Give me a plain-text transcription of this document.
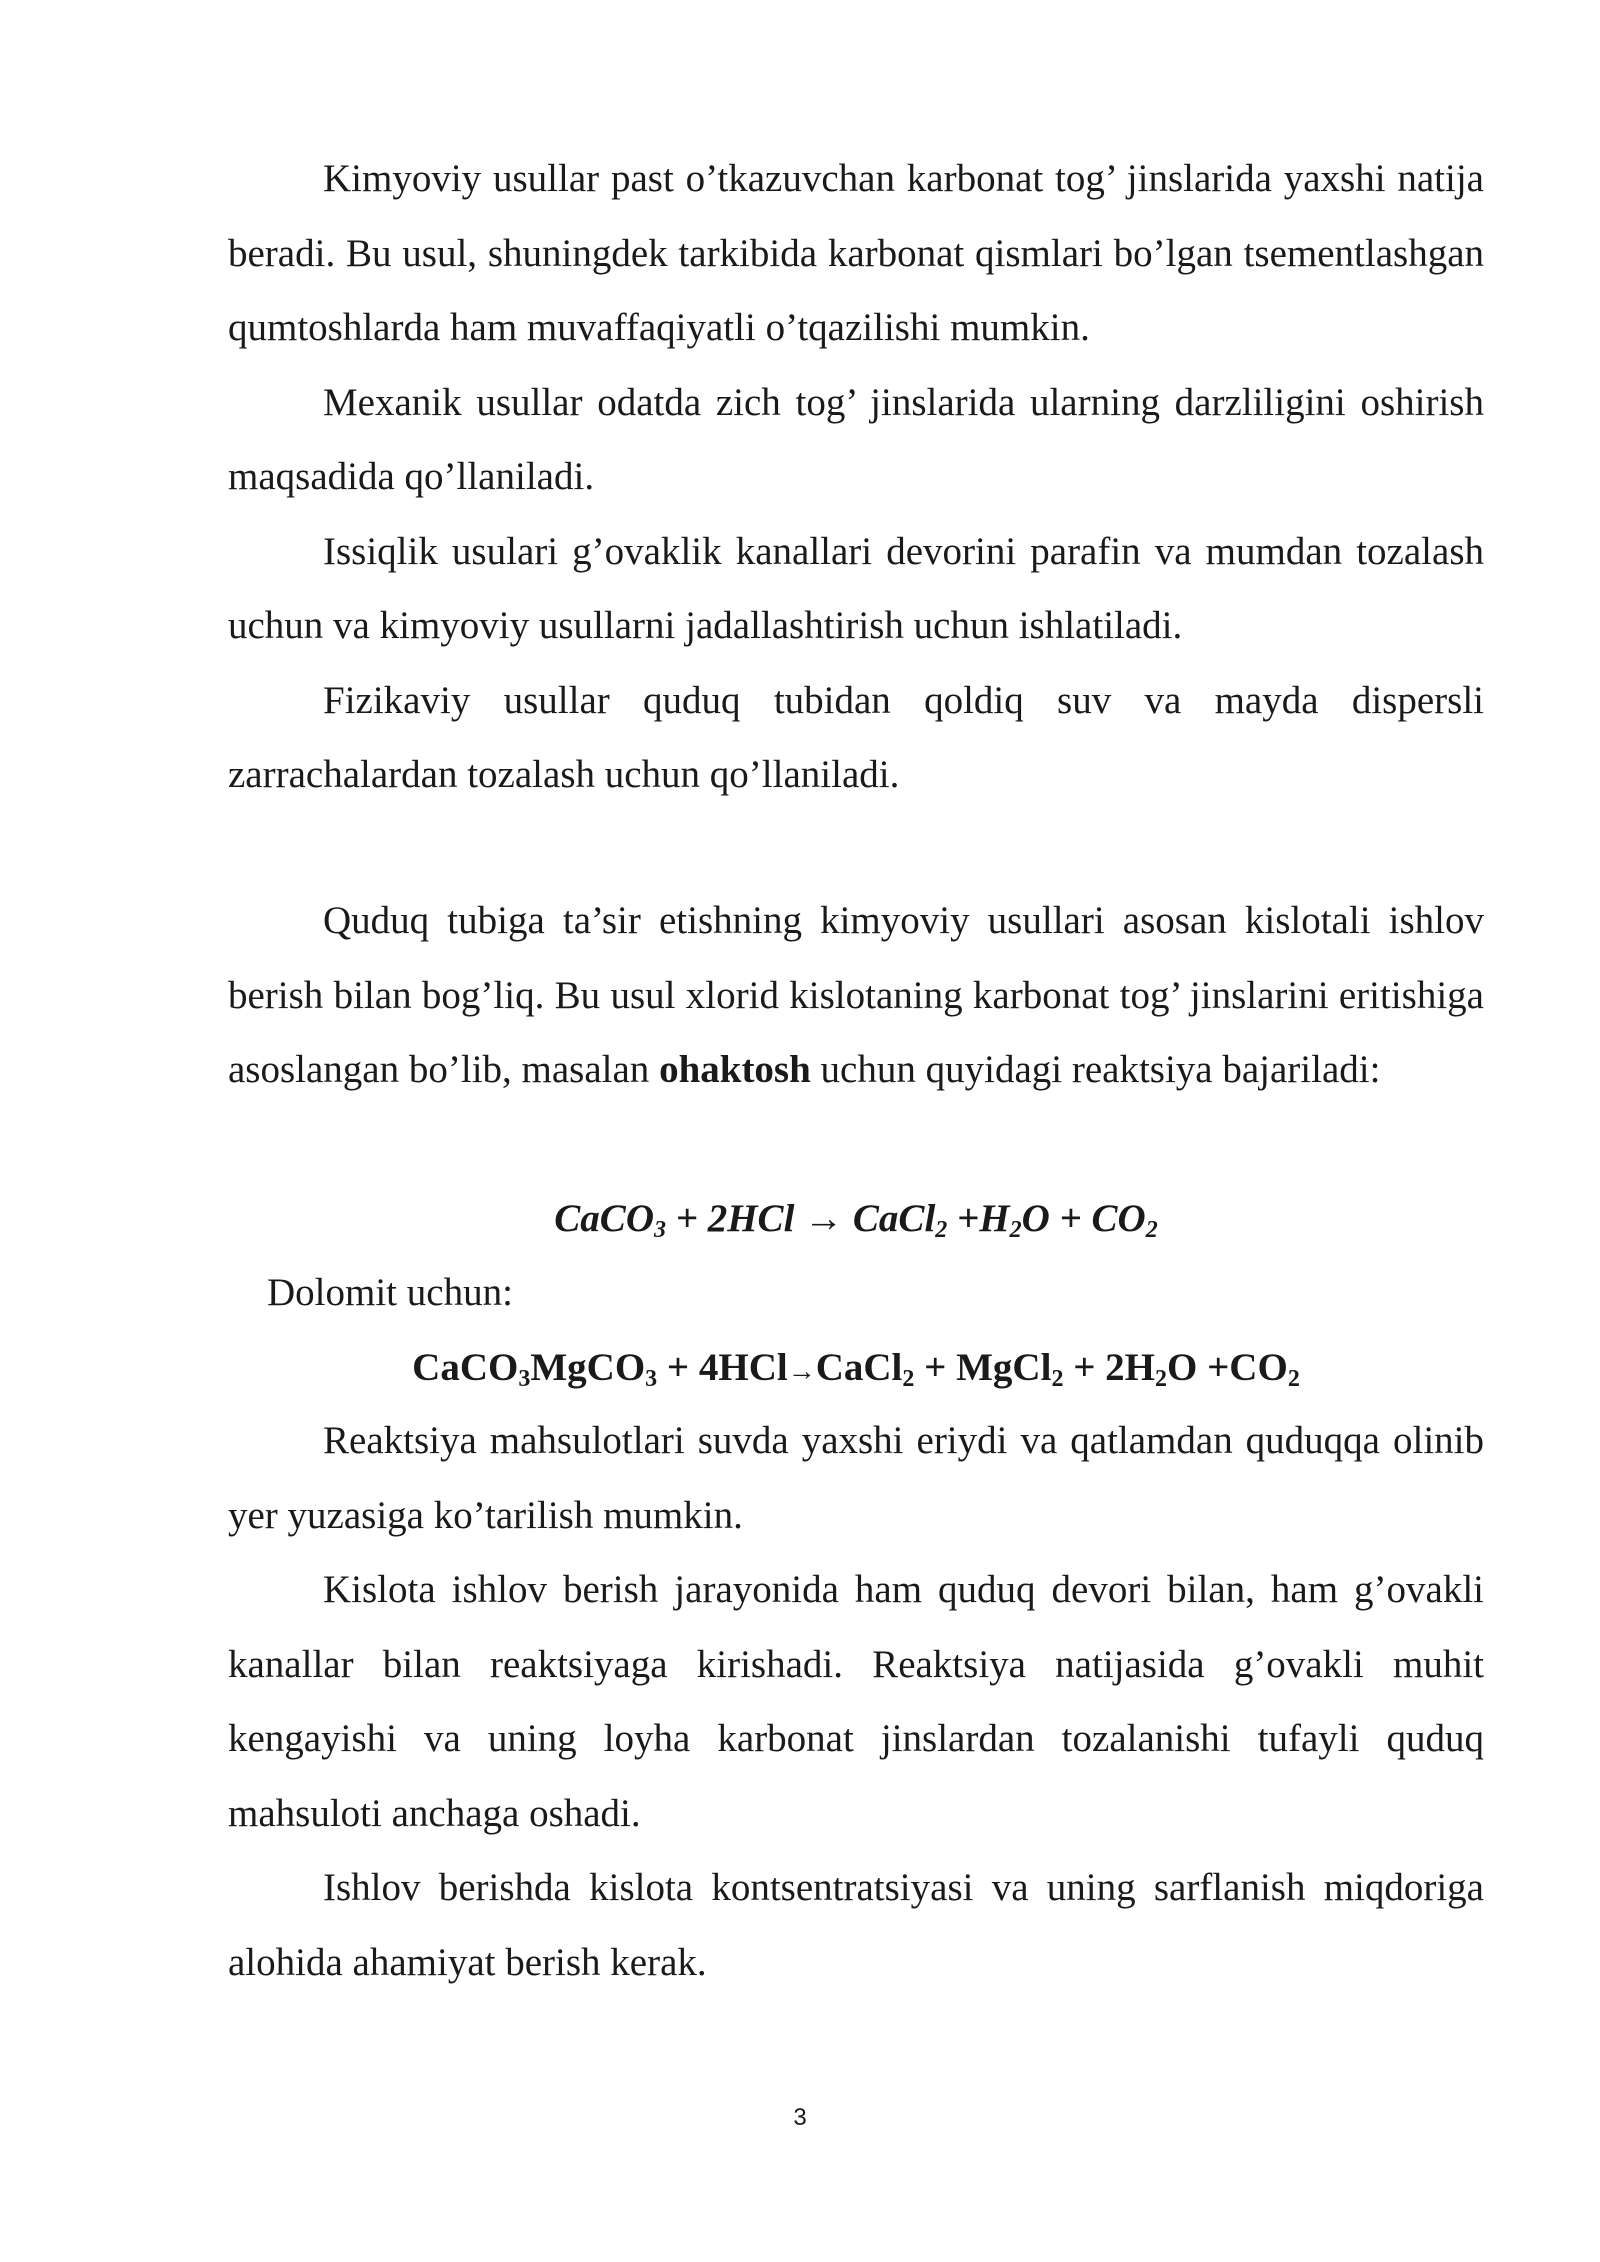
Kimyoviy usullar past o’tkazuvchan karbonat tog’ jinslarida yaxshi natija beradi. Bu usul, shuningdek tarkibida karbonat qismlari bo’lgan tsementlashgan qumtoshlarda ham muvaffaqiyatli o’tqazilishi mumkin.

Mexanik usullar odatda zich tog’ jinslarida ularning darzliligini oshirish maqsadida qo’llaniladi.

Issiqlik usulari g’ovaklik kanallari devorini parafin va mumdan tozalash uchun va kimyoviy usullarni jadallashtirish uchun ishlatiladi.

Fizikaviy usullar quduq tubidan qoldiq suv va mayda dispersli zarrachalardan tozalash uchun qo’llaniladi.

Quduq tubiga ta’sir etishning kimyoviy usullari asosan kislotali ishlov berish bilan bog’liq. Bu usul xlorid kislotaning karbonat tog’ jinslarini eritishiga asoslangan bo’lib, masalan ohaktosh uchun quyidagi reaktsiya bajariladi:

CaCO$_3$ + 2HCl → CaCl$_2$ $+H_2O + CO_2$
Dolomit uchun:
CaCO$_3$MgCO$_3$ + 4HCl→CaCl$_2$ + MgCl$_2$ + $2H_2O +CO_2$

Reaktsiya mahsulotlari suvda yaxshi eriydi va qatlamdan quduqqa olinib yer yuzasiga ko’tarilish mumkin.

Kislota ishlov berish jarayonida ham quduq devori bilan, ham g’ovakli kanallar bilan reaktsiyaga kirishadi. Reaktsiya natijasida g’ovakli muhit kengayishi va uning loyha karbonat jinslardan tozalanishi tufayli quduq mahsuloti anchaga oshadi.

Ishlov berishda kislota kontsentratsiyasi va uning sarflanish miqdoriga alohida ahamiyat berish kerak.

3
